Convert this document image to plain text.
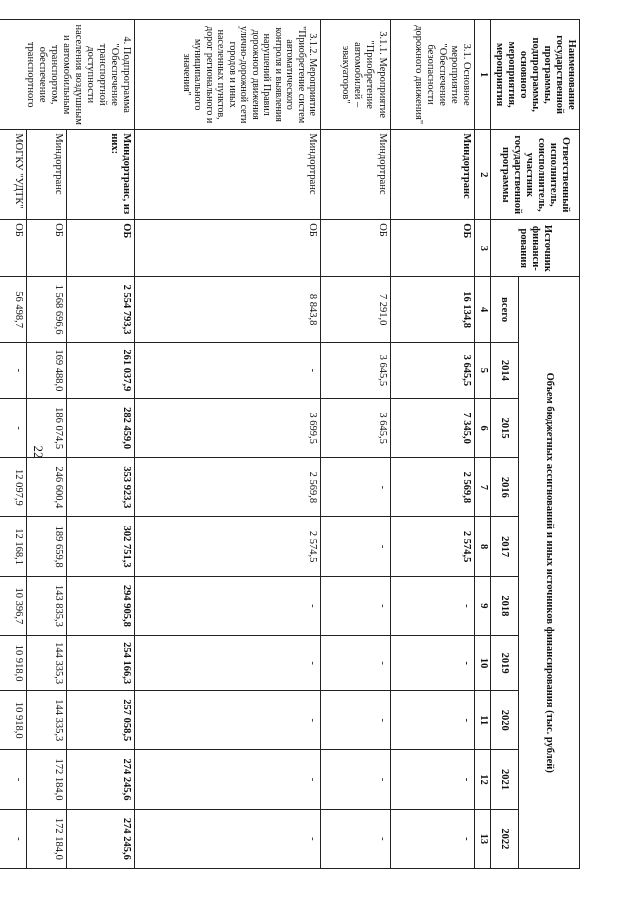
22
Наименование государственной программы, подпрограммы, основного мероприятия, мероприятия	Ответственный исполнитель, соисполнитель, участник государственной программы	Источник финанси-рования	Объем бюджетных ассигнований и иных источников финансирования (тыс. рублей)									
			всего	2014	2015	2016	2017	2018	2019	2020	2021	2022
1	2	3	4	5	6	7	8	9	10	11	12	13
3.1. Основное мероприятие "Обеспечение безопасности дорожного движения"	Миндортранс	ОБ	16 134,8	3 645,5	7 345,0	2 569,8	2 574,5	-	-	-	-	-
3.1.1. Мероприятие "Приобретение автомобилей – эвакуаторов"	Миндортранс	ОБ	7 291,0	3 645,5	3 645,5	-	-	-	-	-	-	-
3.1.2. Мероприятие "Приобретение систем автоматического контроля и выявления нарушений Правил дорожного движения улично-дорожной сети городов и иных населенных пунктов, дорог регионального и муниципального значения"	Миндортранс	ОБ	8 843,8	-	3 699,5	2 569,8	2 574,5	-	-	-	-	-
4. Подпрограмма "Обеспечение транспортной доступности населения воздушным и автомобильным транспортом, обеспечение транспортного	Миндортранс, из них:	ОБ	2 554 793,3	261 037,9	282 459,0	353 923,3	302 751,3	294 905,8	254 166,3	257 058,5	274 245,6	274 245,6
	Миндортранс	ОБ	1 568 696,6	169 488,0	186 074,5	246 600,4	189 659,8	143 835,3	144 335,3	144 335,3	172 184,0	172 184,0
	МОГКУ "УДТК"	ОБ	56 498,7	-	-	12 097,9	12 168,1	10 396,7	10 918,0	10 918,0	-	-
